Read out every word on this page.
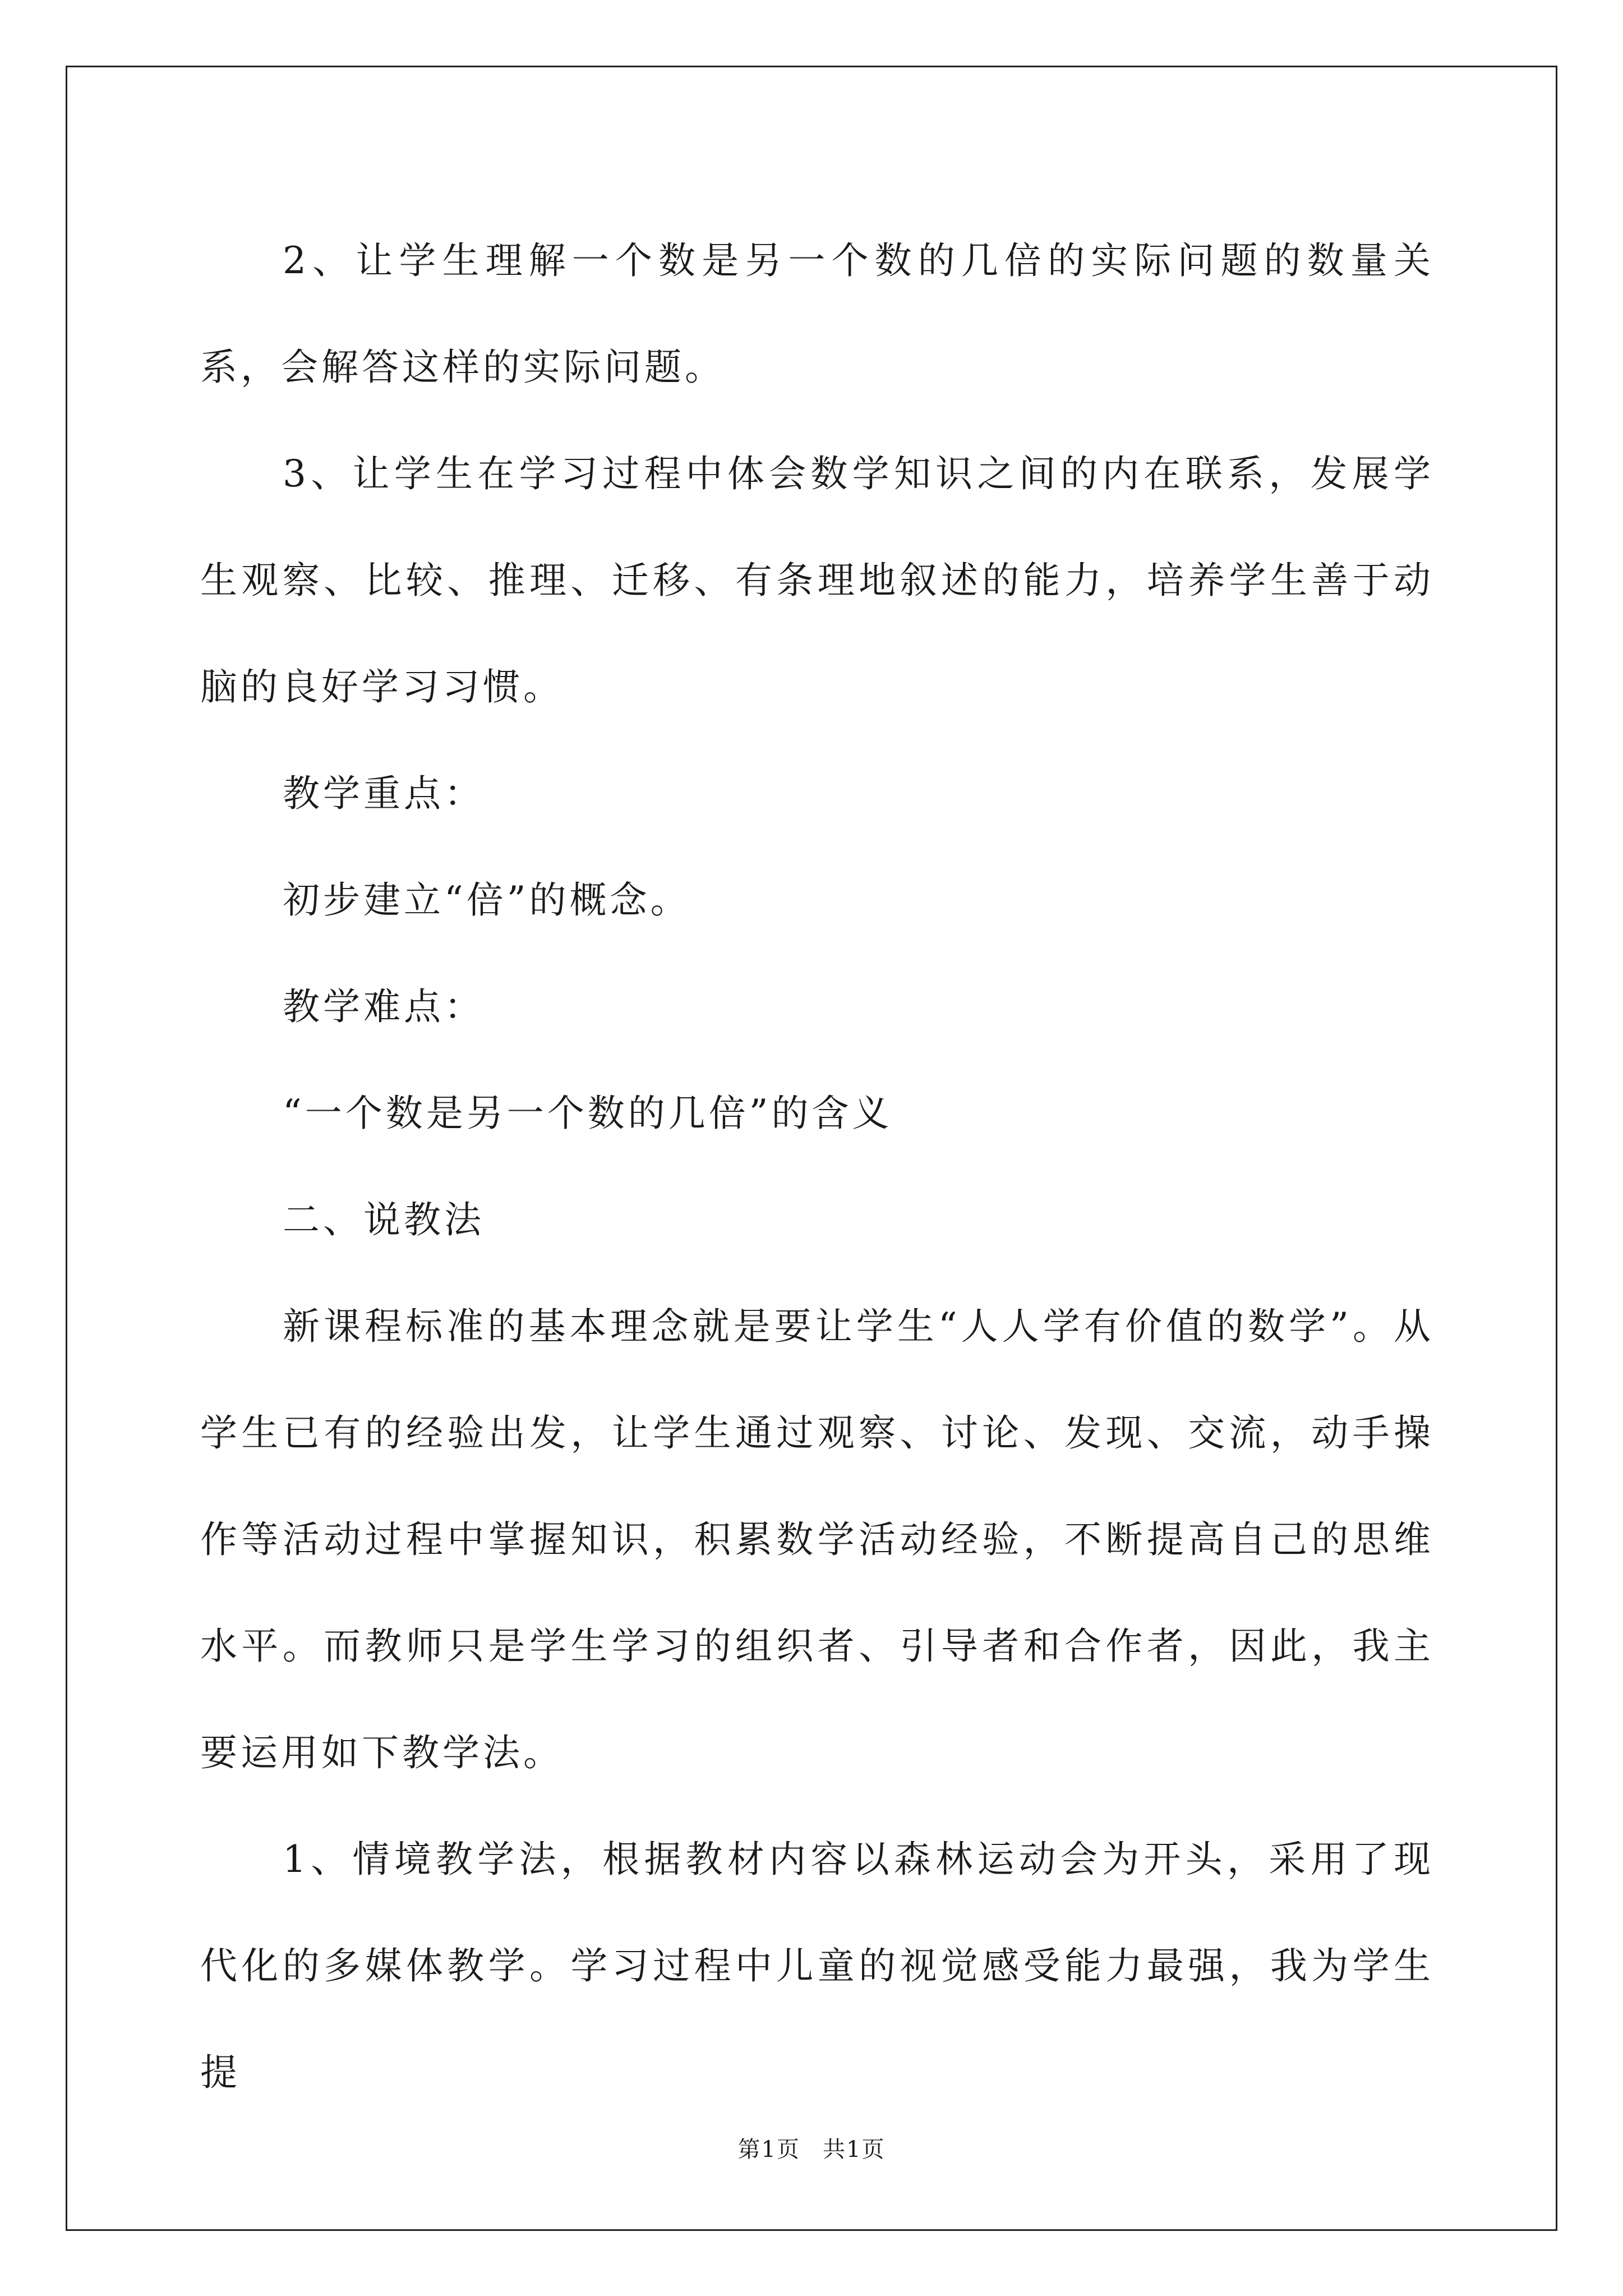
2、让学生理解一个数是另一个数的几倍的实际问题的数量关系，会解答这样的实际问题。

3、让学生在学习过程中体会数学知识之间的内在联系，发展学生观察、比较、推理、迁移、有条理地叙述的能力，培养学生善于动脑的良好学习习惯。

教学重点：

初步建立“倍”的概念。

教学难点：

“一个数是另一个数的几倍”的含义

二、说教法

新课程标准的基本理念就是要让学生“人人学有价值的数学”。从学生已有的经验出发，让学生通过观察、讨论、发现、交流，动手操作等活动过程中掌握知识，积累数学活动经验，不断提高自己的思维水平。而教师只是学生学习的组织者、引导者和合作者，因此，我主要运用如下教学法。

1、情境教学法，根据教材内容以森林运动会为开头，采用了现代化的多媒体教学。学习过程中儿童的视觉感受能力最强，我为学生提

第1页 共1页
